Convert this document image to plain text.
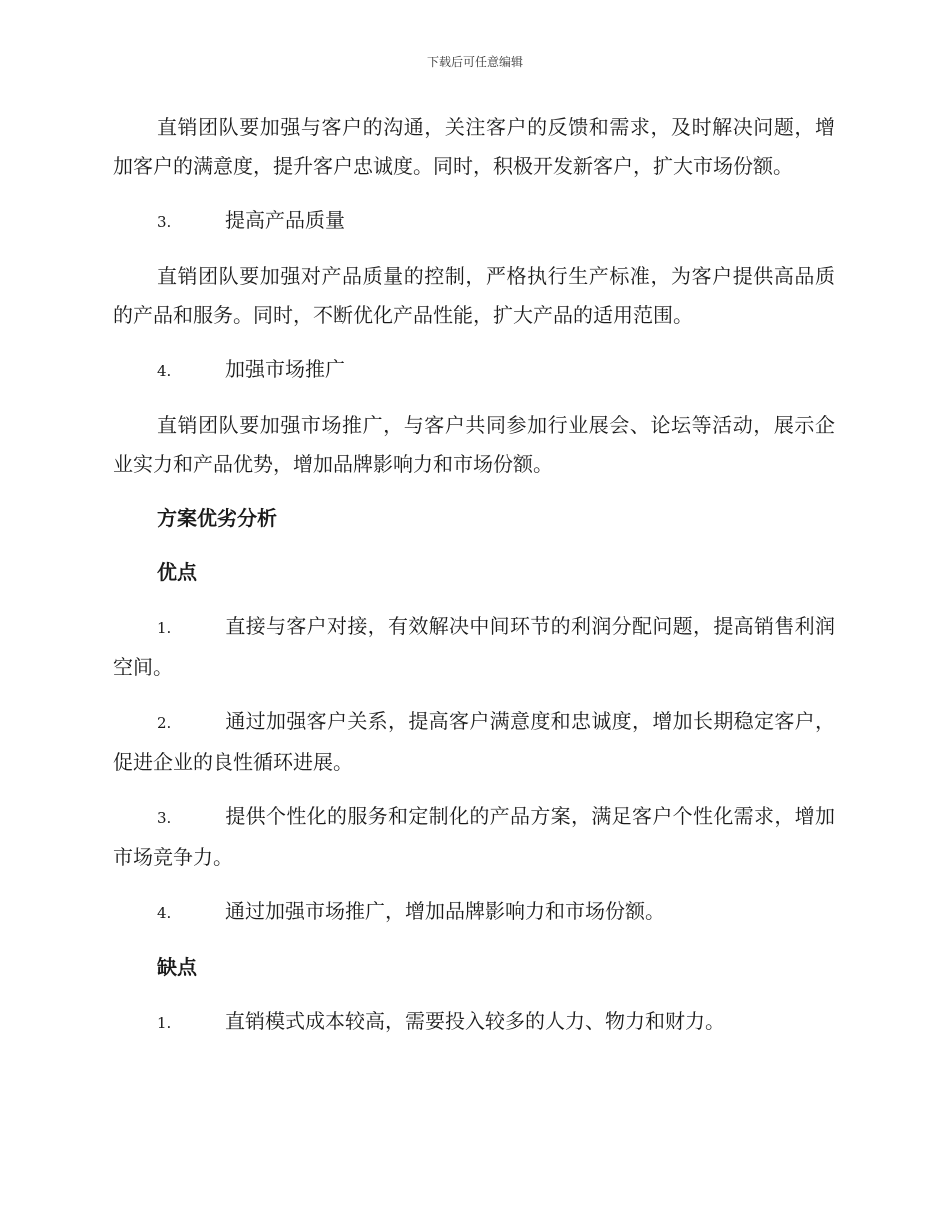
下载后可任意编辑

直销团队要加强与客户的沟通，关注客户的反馈和需求，及时解决问题，增加客户的满意度，提升客户忠诚度。同时，积极开发新客户，扩大市场份额。

3.	提高产品质量

直销团队要加强对产品质量的控制，严格执行生产标准，为客户提供高品质的产品和服务。同时，不断优化产品性能，扩大产品的适用范围。

4.	加强市场推广

直销团队要加强市场推广，与客户共同参加行业展会、论坛等活动，展示企业实力和产品优势，增加品牌影响力和市场份额。

方案优劣分析

优点

1.	直接与客户对接，有效解决中间环节的利润分配问题，提高销售利润空间。

2.	通过加强客户关系，提高客户满意度和忠诚度，增加长期稳定客户，促进企业的良性循环进展。

3.	提供个性化的服务和定制化的产品方案，满足客户个性化需求，增加市场竞争力。

4.	通过加强市场推广，增加品牌影响力和市场份额。

缺点

1.	直销模式成本较高，需要投入较多的人力、物力和财力。
